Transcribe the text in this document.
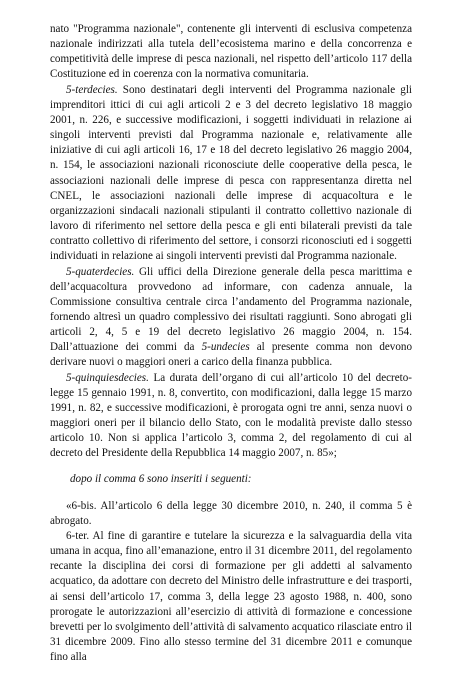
nato "Programma nazionale", contenente gli interventi di esclusiva competenza nazionale indirizzati alla tutela dell’ecosistema marino e della concorrenza e competitività delle imprese di pesca nazionali, nel rispetto dell’articolo 117 della Costituzione ed in coerenza con la normativa comunitaria.

5-terdecies. Sono destinatari degli interventi del Programma nazionale gli imprenditori ittici di cui agli articoli 2 e 3 del decreto legislativo 18 maggio 2001, n. 226, e successive modificazioni, i soggetti individuati in relazione ai singoli interventi previsti dal Programma nazionale e, relativamente alle iniziative di cui agli articoli 16, 17 e 18 del decreto legislativo 26 maggio 2004, n. 154, le associazioni nazionali riconosciute delle cooperative della pesca, le associazioni nazionali delle imprese di pesca con rappresentanza diretta nel CNEL, le associazioni nazionali delle imprese di acquacoltura e le organizzazioni sindacali nazionali stipulanti il contratto collettivo nazionale di lavoro di riferimento nel settore della pesca e gli enti bilaterali previsti da tale contratto collettivo di riferimento del settore, i consorzi riconosciuti ed i soggetti individuati in relazione ai singoli interventi previsti dal Programma nazionale.

5-quaterdecies. Gli uffici della Direzione generale della pesca marittima e dell’acquacoltura provvedono ad informare, con cadenza annuale, la Commissione consultiva centrale circa l’andamento del Programma nazionale, fornendo altresì un quadro complessivo dei risultati raggiunti. Sono abrogati gli articoli 2, 4, 5 e 19 del decreto legislativo 26 maggio 2004, n. 154. Dall’attuazione dei commi da 5-undecies al presente comma non devono derivare nuovi o maggiori oneri a carico della finanza pubblica.

5-quinquiesdecies. La durata dell’organo di cui all’articolo 10 del decreto-legge 15 gennaio 1991, n. 8, convertito, con modificazioni, dalla legge 15 marzo 1991, n. 82, e successive modificazioni, è prorogata ogni tre anni, senza nuovi o maggiori oneri per il bilancio dello Stato, con le modalità previste dallo stesso articolo 10. Non si applica l’articolo 3, comma 2, del regolamento di cui al decreto del Presidente della Repubblica 14 maggio 2007, n. 85»;

dopo il comma 6 sono inseriti i seguenti:

«6-bis. All’articolo 6 della legge 30 dicembre 2010, n. 240, il comma 5 è abrogato.

6-ter. Al fine di garantire e tutelare la sicurezza e la salvaguardia della vita umana in acqua, fino all’emanazione, entro il 31 dicembre 2011, del regolamento recante la disciplina dei corsi di formazione per gli addetti al salvamento acquatico, da adottare con decreto del Ministro delle infrastrutture e dei trasporti, ai sensi dell’articolo 17, comma 3, della legge 23 agosto 1988, n. 400, sono prorogate le autorizzazioni all’esercizio di attività di formazione e concessione brevetti per lo svolgimento dell’attività di salvamento acquatico rilasciate entro il 31 dicembre 2009. Fino allo stesso termine del 31 dicembre 2011 e comunque fino alla
